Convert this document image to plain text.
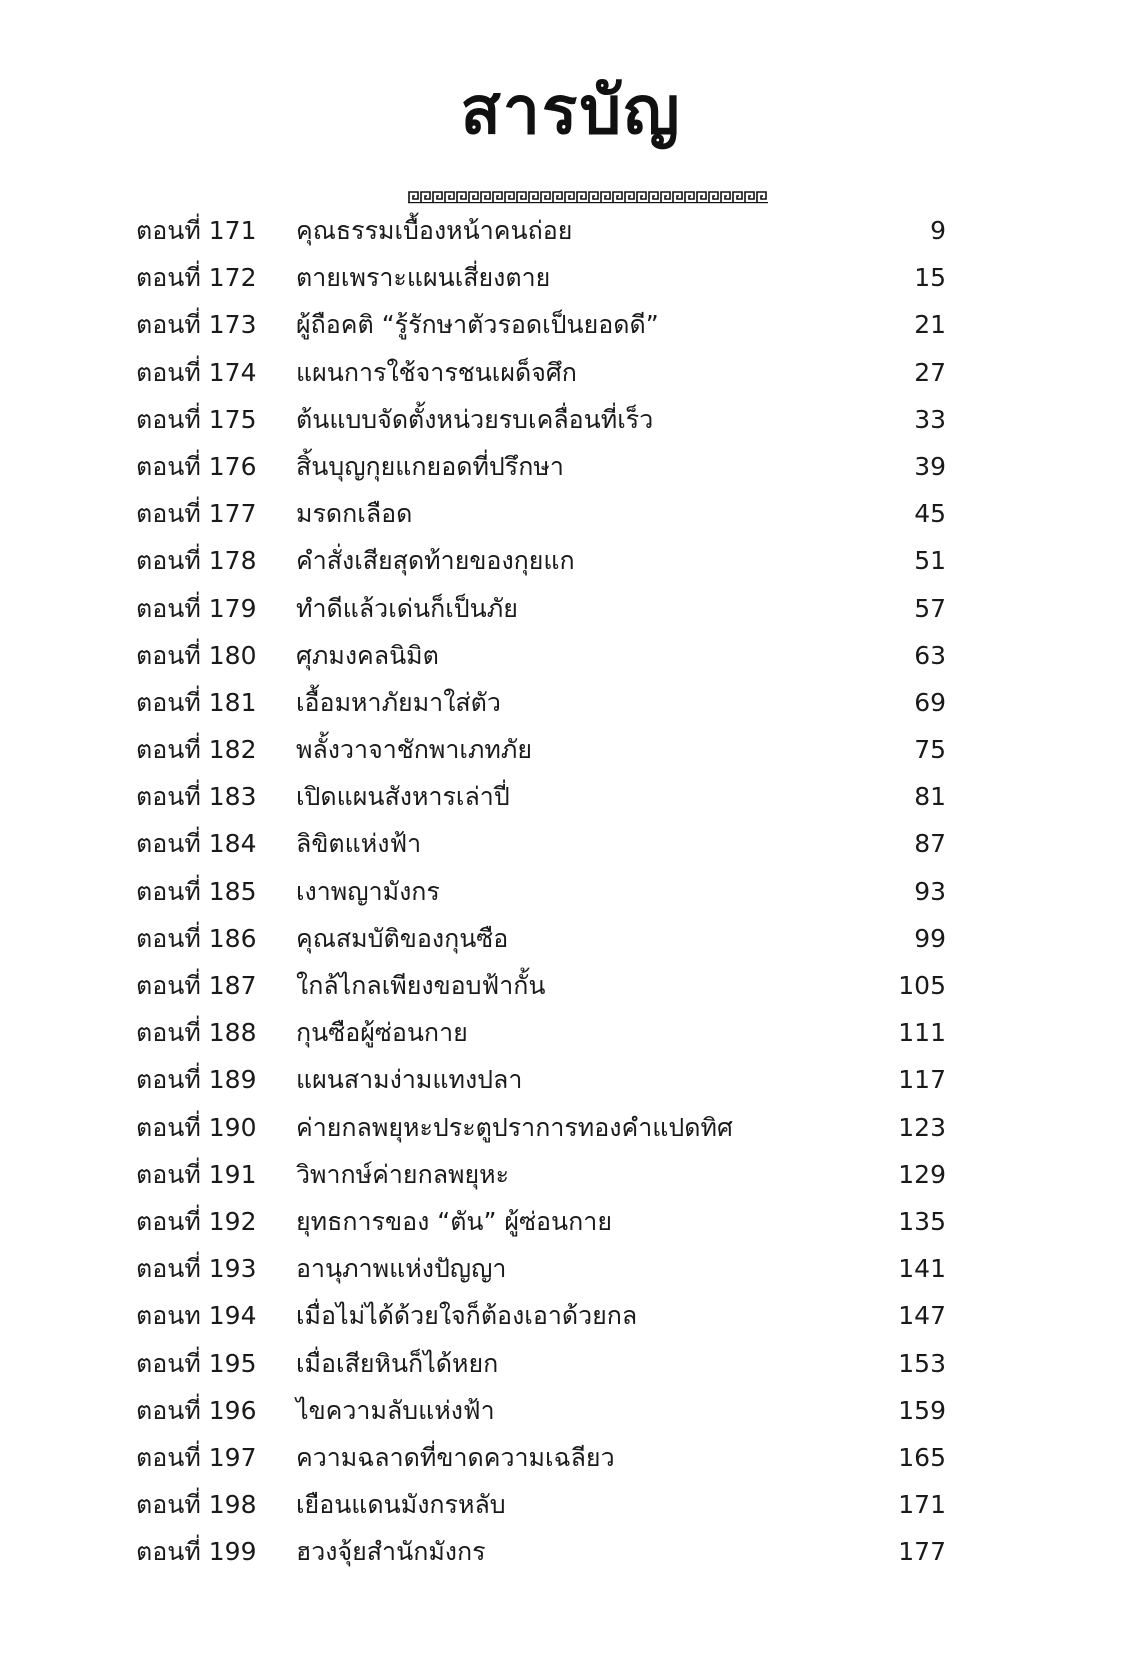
สารบัญ
ตอนที่ 171 คุณธรรมเบื้องหน้าคนถ่อย	9
ตอนที่ 172 ตายเพราะแผนเสี่ยงตาย	15
ตอนที่ 173 ผู้ถือคติ “รู้รักษาตัวรอดเป็นยอดดี”	21
ตอนที่ 174 แผนการใช้จารชนเผด็จศึก	27
ตอนที่ 175 ต้นแบบจัดตั้งหน่วยรบเคลื่อนที่เร็ว	33
ตอนที่ 176 สิ้นบุญกุยแกยอดที่ปรึกษา	39
ตอนที่ 177 มรดกเลือด	45
ตอนที่ 178 คำสั่งเสียสุดท้ายของกุยแก	51
ตอนที่ 179 ทำดีแล้วเด่นก็เป็นภัย	57
ตอนที่ 180 ศุภมงคลนิมิต	63
ตอนที่ 181 เอื้อมหาภัยมาใส่ตัว	69
ตอนที่ 182 พลั้งวาจาชักพาเภทภัย	75
ตอนที่ 183 เปิดแผนสังหารเล่าปี่	81
ตอนที่ 184 ลิขิตแห่งฟ้า	87
ตอนที่ 185 เงาพญามังกร	93
ตอนที่ 186 คุณสมบัติของกุนซือ	99
ตอนที่ 187 ใกล้ไกลเพียงขอบฟ้ากั้น	105
ตอนที่ 188 กุนซือผู้ซ่อนกาย	111
ตอนที่ 189 แผนสามง่ามแทงปลา	117
ตอนที่ 190 ค่ายกลพยุหะประตูปราการทองคำแปดทิศ	123
ตอนที่ 191 วิพากษ์ค่ายกลพยุหะ	129
ตอนที่ 192 ยุทธการของ “ตัน” ผู้ซ่อนกาย	135
ตอนที่ 193 อานุภาพแห่งปัญญา	141
ตอนท 194 เมื่อไม่ได้ด้วยใจก็ต้องเอาด้วยกล	147
ตอนที่ 195 เมื่อเสียหินก็ได้หยก	153
ตอนที่ 196 ไขความลับแห่งฟ้า	159
ตอนที่ 197 ความฉลาดที่ขาดความเฉลียว	165
ตอนที่ 198 เยือนแดนมังกรหลับ	171
ตอนที่ 199 ฮวงจุ้ยสำนักมังกร	177
